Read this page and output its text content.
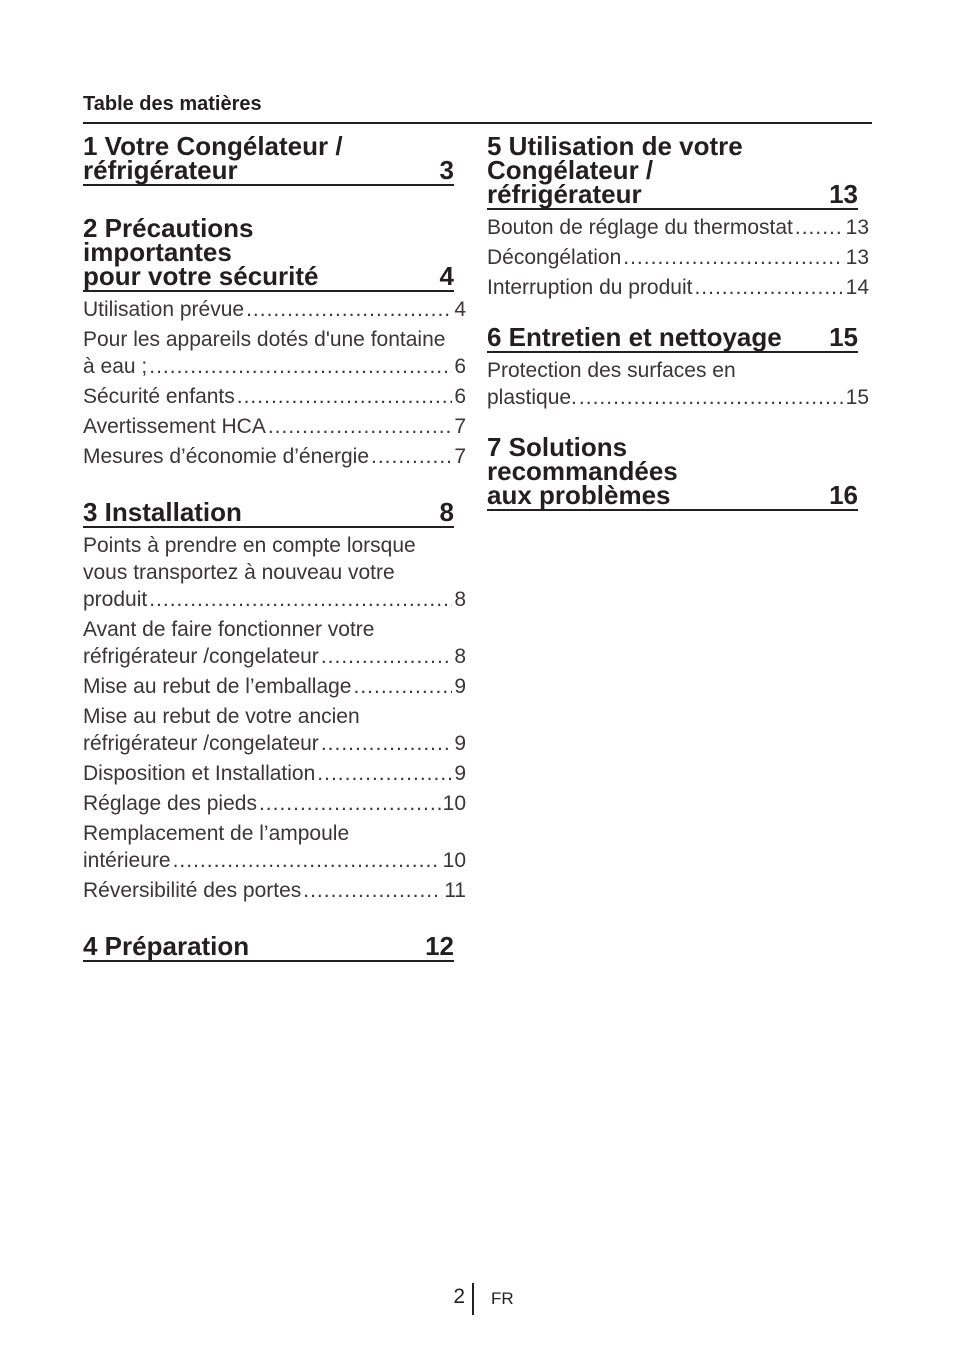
Table des matières
1 Votre Congélateur /
réfrigérateur	3
2 Précautions importantes
pour votre sécurité	4
Utilisation prévue .....	4
Pour les appareils dotés d'une fontaine
à eau ; .....	6
Sécurité enfants .....	6
Avertissement HCA .....	7
Mesures d’économie d’énergie .....	7
3 Installation	8
Points à prendre en compte lorsque
vous transportez à nouveau votre
produit .....	8
Avant de faire fonctionner votre
réfrigérateur /congelateur .....	8
Mise au rebut de l’emballage .....	9
Mise au rebut de votre ancien
réfrigérateur /congelateur .....	9
Disposition et Installation .....	9
Réglage des pieds .....	10
Remplacement de l’ampoule
intérieure .....	10
Réversibilité des portes .....	11
4 Préparation	12
5 Utilisation de votre
Congélateur / réfrigérateur	13
Bouton de réglage du thermostat .....	13
Décongélation .....	13
Interruption du produit .....	14
6 Entretien et nettoyage	15
Protection des surfaces en
plastique. .....	15
7 Solutions recommandées
aux problèmes	16
2 FR
